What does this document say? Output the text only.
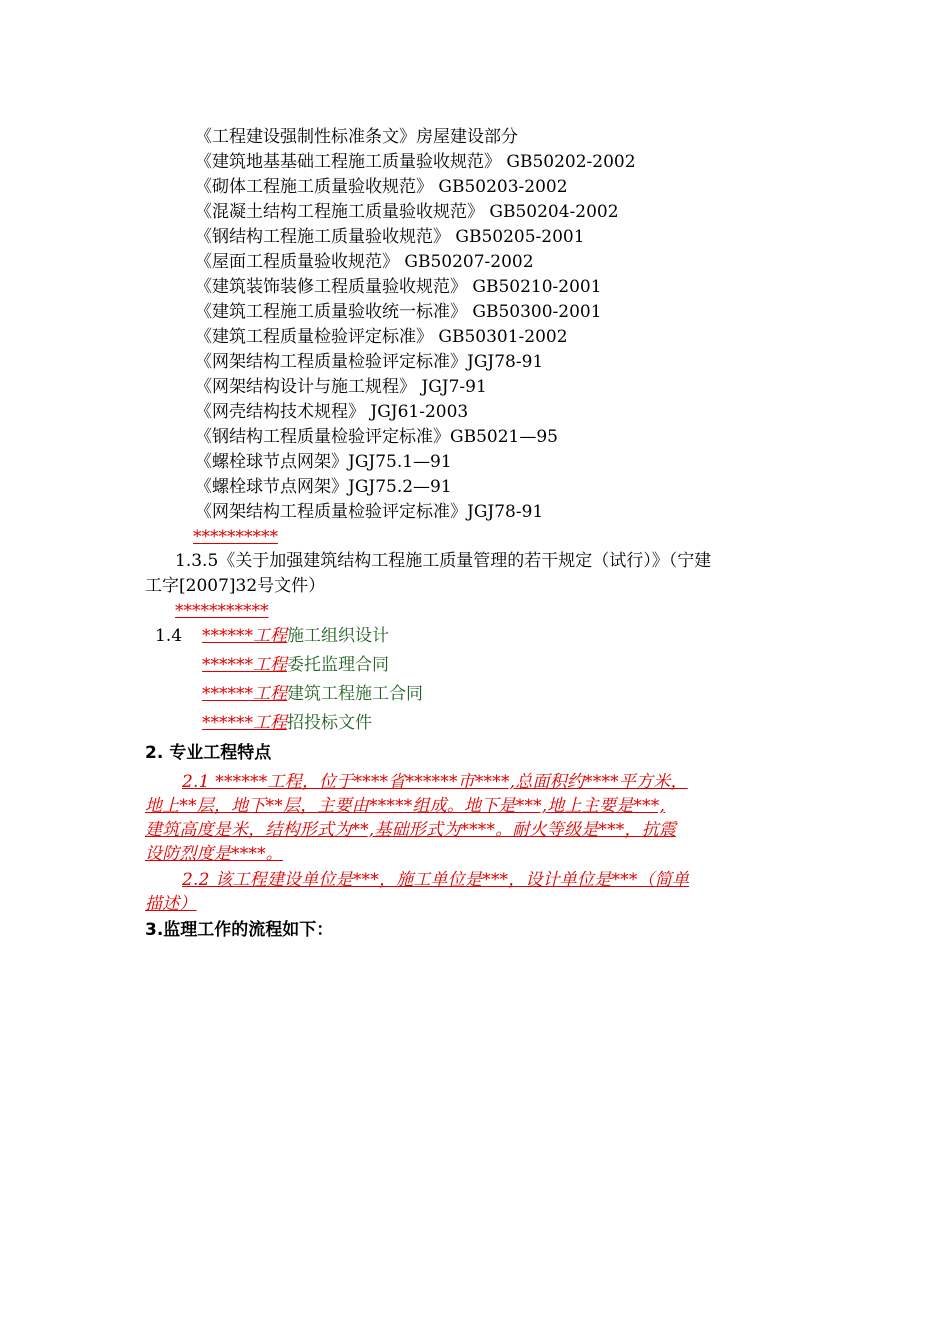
《工程建设强制性标准条文》房屋建设部分
《建筑地基基础工程施工质量验收规范》 GB50202-2002
《砌体工程施工质量验收规范》 GB50203-2002
《混凝土结构工程施工质量验收规范》 GB50204-2002
《钢结构工程施工质量验收规范》 GB50205-2001
《屋面工程质量验收规范》 GB50207-2002
《建筑装饰装修工程质量验收规范》 GB50210-2001
《建筑工程施工质量验收统一标准》 GB50300-2001
《建筑工程质量检验评定标准》 GB50301-2002
《网架结构工程质量检验评定标准》JGJ78-91
《网架结构设计与施工规程》 JGJ7-91
《网壳结构技术规程》 JGJ61-2003
《钢结构工程质量检验评定标准》GB5021—95
《螺栓球节点网架》JGJ75.1—91
《螺栓球节点网架》JGJ75.2—91
《网架结构工程质量检验评定标准》JGJ78-91
**********
1.3.5《关于加强建筑结构工程施工质量管理的若干规定（试行）》（宁建
工字[2007]32号文件）
***********
1.4 ******工程施工组织设计
******工程委托监理合同
******工程建筑工程施工合同
******工程招投标文件
2. 专业工程特点
2.1 ******工程，位于****省******市****,总面积约****平方米，
地上**层，地下**层，主要由*****组成。地下是***,地上主要是***,
建筑高度是米，结构形式为**,基础形式为****。耐火等级是***，抗震
设防烈度是****。
2.2 该工程建设单位是***，施工单位是***，设计单位是***（简单
描述）
3.监理工作的流程如下：
